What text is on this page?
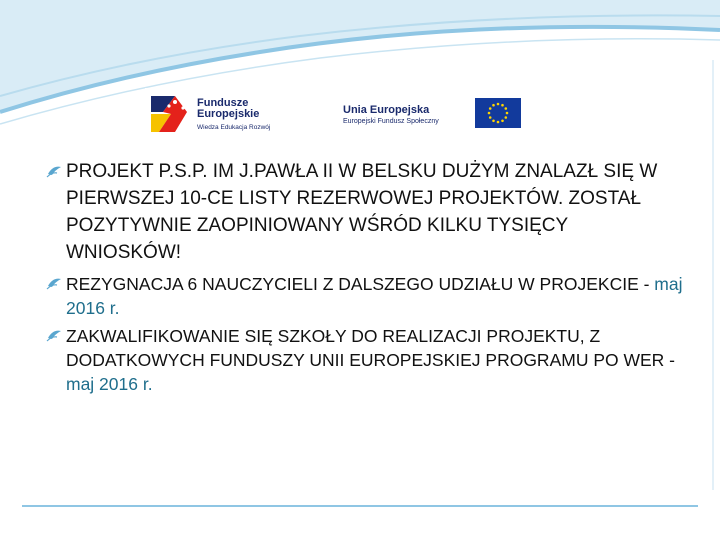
Fundusze
Europejskie
Wiedza Edukacja Rozwój
Unia Europejska
Europejski Fundusz Społeczny

PROJEKT P.S.P. IM J.PAWŁA II W BELSKU DUŻYM ZNALAZŁ SIĘ W PIERWSZEJ 10-CE LISTY REZERWOWEJ PROJEKTÓW. ZOSTAŁ POZYTYWNIE ZAOPINIOWANY WŚRÓD KILKU TYSIĘCY WNIOSKÓW!

REZYGNACJA 6 NAUCZYCIELI Z DALSZEGO UDZIAŁU W PROJEKCIE - maj 2016 r.

ZAKWALIFIKOWANIE SIĘ SZKOŁY DO REALIZACJI PROJEKTU, Z DODATKOWYCH FUNDUSZY UNII EUROPEJSKIEJ PROGRAMU PO WER - maj 2016 r.
